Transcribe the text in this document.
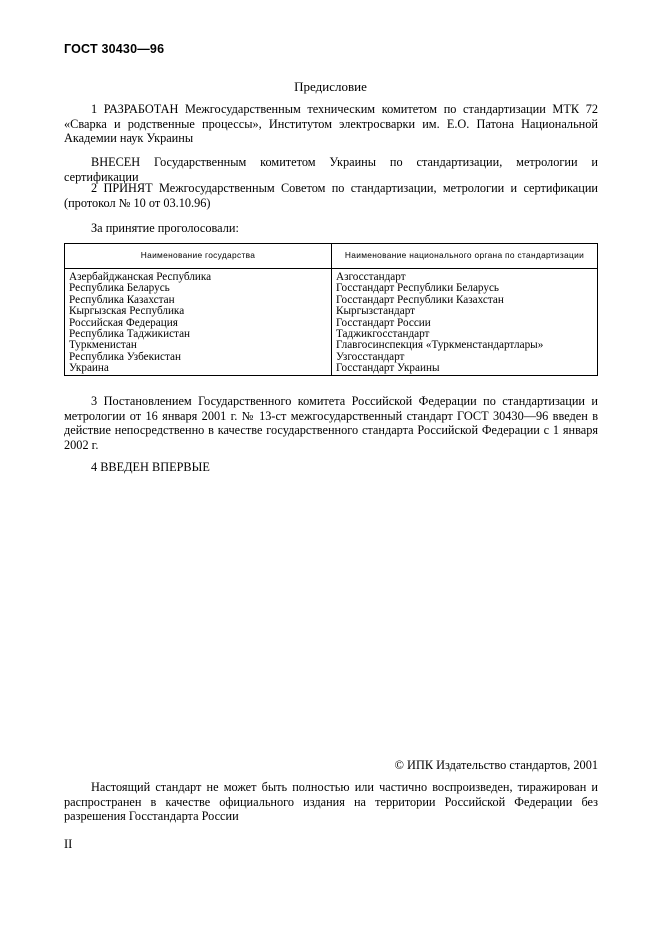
ГОСТ 30430—96
Предисловие

1 РАЗРАБОТАН Межгосударственным техническим комитетом по стандартизации МТК 72 «Сварка и родственные процессы», Институтом электросварки им. Е.О. Патона Национальной Академии наук Украины

ВНЕСЕН Государственным комитетом Украины по стандартизации, метрологии и сертификации

2 ПРИНЯТ Межгосударственным Советом по стандартизации, метрологии и сертификации (протокол № 10 от 03.10.96)

За принятие проголосовали:

Наименование государства	Наименование национального органа по стандартизации
Азербайджанская Республика	Азгосстандарт
Республика Беларусь	Госстандарт Республики Беларусь
Республика Казахстан	Госстандарт Республики Казахстан
Кыргызская Республика	Кыргызстандарт
Российская Федерация	Госстандарт России
Республика Таджикистан	Таджикгосстандарт
Туркменистан	Главгосинспекция «Туркменстандартлары»
Республика Узбекистан	Узгосстандарт
Украина	Госстандарт Украины

3 Постановлением Государственного комитета Российской Федерации по стандартизации и метрологии от 16 января 2001 г. № 13-ст межгосударственный стандарт ГОСТ 30430—96 введен в действие непосредственно в качестве государственного стандарта Российской Федерации с 1 января 2002 г.

4 ВВЕДЕН ВПЕРВЫЕ

© ИПК Издательство стандартов, 2001

Настоящий стандарт не может быть полностью или частично воспроизведен, тиражирован и распространен в качестве официального издания на территории Российской Федерации без разрешения Госстандарта России

II
